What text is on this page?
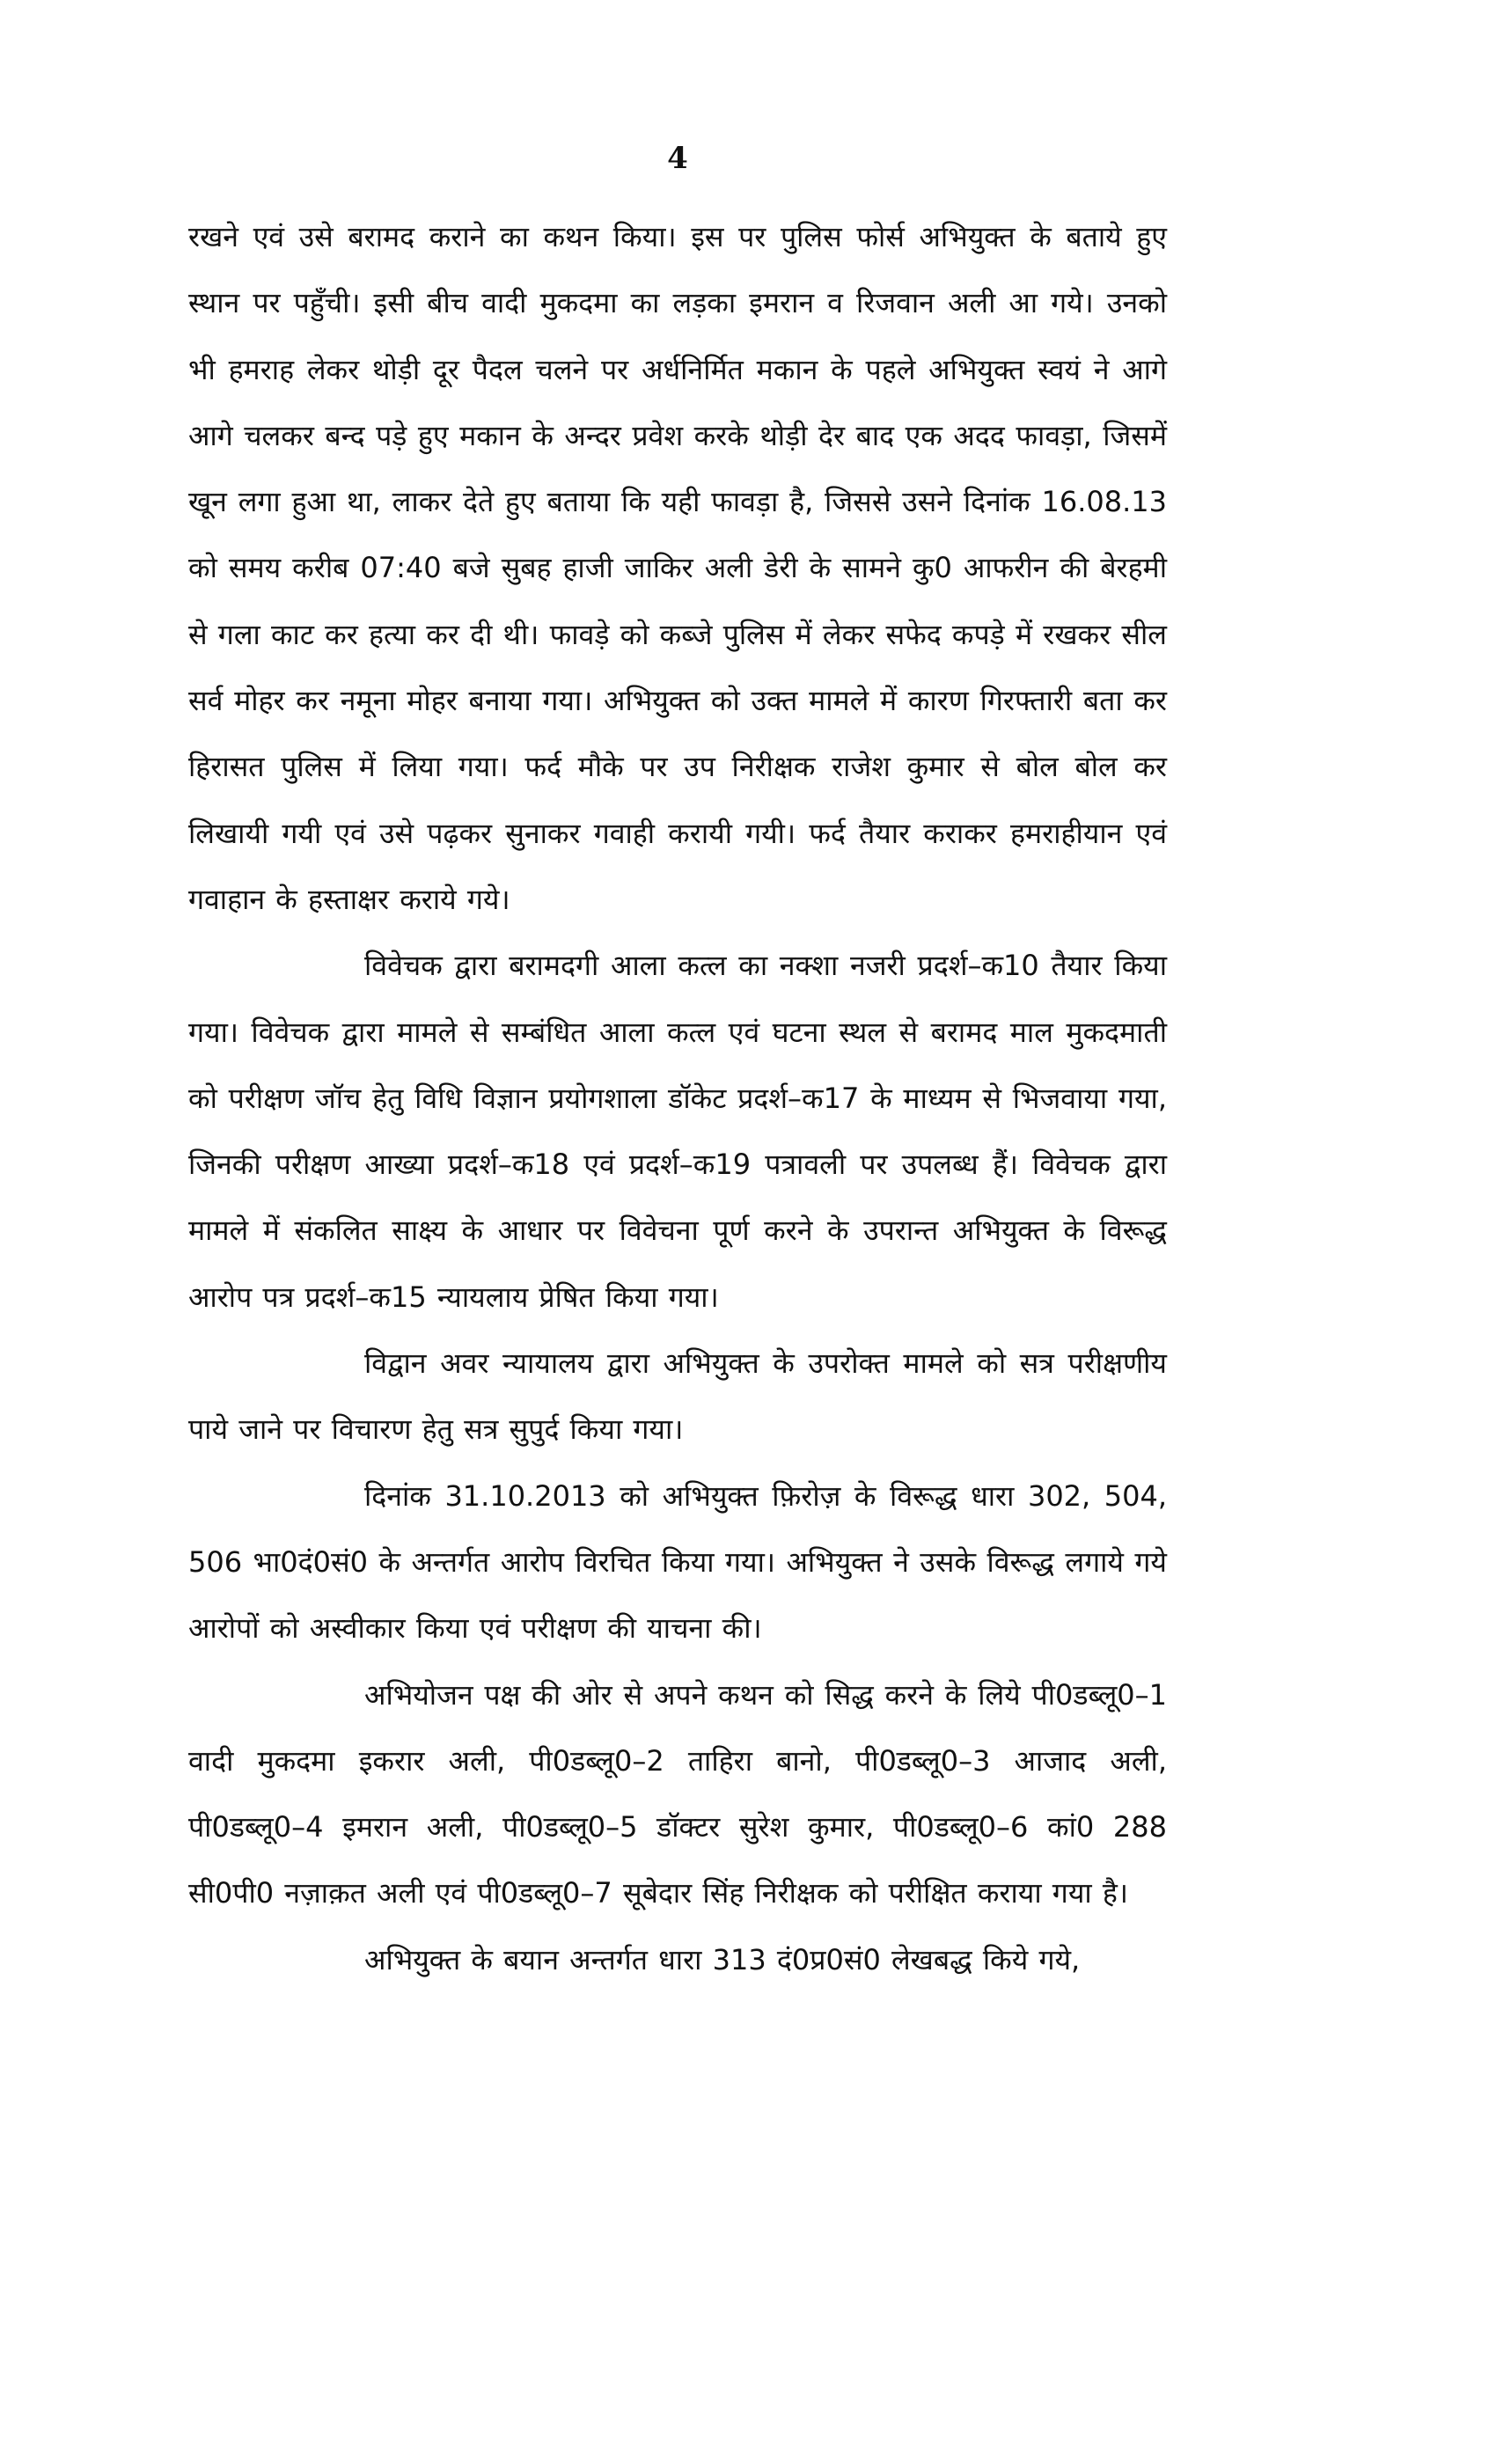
4

रखने एवं उसे बरामद कराने का कथन किया। इस पर पुलिस फोर्स अभियुक्त के बताये हुए स्थान पर पहुँची। इसी बीच वादी मुकदमा का लड़का इमरान व रिजवान अली आ गये। उनको भी हमराह लेकर थोड़ी दूर पैदल चलने पर अर्धनिर्मित मकान के पहले अभियुक्त स्वयं ने आगे आगे चलकर बन्द पड़े हुए मकान के अन्दर प्रवेश करके थोड़ी देर बाद एक अदद फावड़ा, जिसमें खून लगा हुआ था, लाकर देते हुए बताया कि यही फावड़ा है, जिससे उसने दिनांक 16.08.13 को समय करीब 07:40 बजे सुबह हाजी जाकिर अली डेरी के सामने कु0 आफरीन की बेरहमी से गला काट कर हत्या कर दी थी। फावड़े को कब्जे पुलिस में लेकर सफेद कपड़े में रखकर सील सर्व मोहर कर नमूना मोहर बनाया गया। अभियुक्त को उक्त मामले में कारण गिरफ्तारी बता कर हिरासत पुलिस में लिया गया। फर्द मौके पर उप निरीक्षक राजेश कुमार से बोल बोल कर लिखायी गयी एवं उसे पढ़कर सुनाकर गवाही करायी गयी। फर्द तैयार कराकर हमराहीयान एवं गवाहान के हस्ताक्षर कराये गये।

विवेचक द्वारा बरामदगी आला कत्ल का नक्शा नजरी प्रदर्श–क10 तैयार किया गया। विवेचक द्वारा मामले से सम्बंधित आला कत्ल एवं घटना स्थल से बरामद माल मुकदमाती को परीक्षण जॉच हेतु विधि विज्ञान प्रयोगशाला डॉकेट प्रदर्श–क17 के माध्यम से भिजवाया गया, जिनकी परीक्षण आख्या प्रदर्श–क18 एवं प्रदर्श–क19 पत्रावली पर उपलब्ध हैं। विवेचक द्वारा मामले में संकलित साक्ष्य के आधार पर विवेचना पूर्ण करने के उपरान्त अभियुक्त के विरूद्ध आरोप पत्र प्रदर्श–क15 न्यायलाय प्रेषित किया गया।

विद्वान अवर न्यायालय द्वारा अभियुक्त के उपरोक्त मामले को सत्र परीक्षणीय पाये जाने पर विचारण हेतु सत्र सुपुर्द किया गया।

दिनांक 31.10.2013 को अभियुक्त फ़िरोज़ के विरूद्ध धारा 302, 504, 506 भा0दं0सं0 के अन्तर्गत आरोप विरचित किया गया। अभियुक्त ने उसके विरूद्ध लगाये गये आरोपों को अस्वीकार किया एवं परीक्षण की याचना की।

अभियोजन पक्ष की ओर से अपने कथन को सिद्ध करने के लिये पी0डब्लू0–1 वादी मुकदमा इकरार अली, पी0डब्लू0–2 ताहिरा बानो, पी0डब्लू0–3 आजाद अली, पी0डब्लू0–4 इमरान अली, पी0डब्लू0–5 डॉक्टर सुरेश कुमार, पी0डब्लू0–6 कां0 288 सी0पी0 नज़ाक़त अली एवं पी0डब्लू0–7 सूबेदार सिंह निरीक्षक को परीक्षित कराया गया है।

अभियुक्त के बयान अन्तर्गत धारा 313 दं0प्र0सं0 लेखबद्ध किये गये,
